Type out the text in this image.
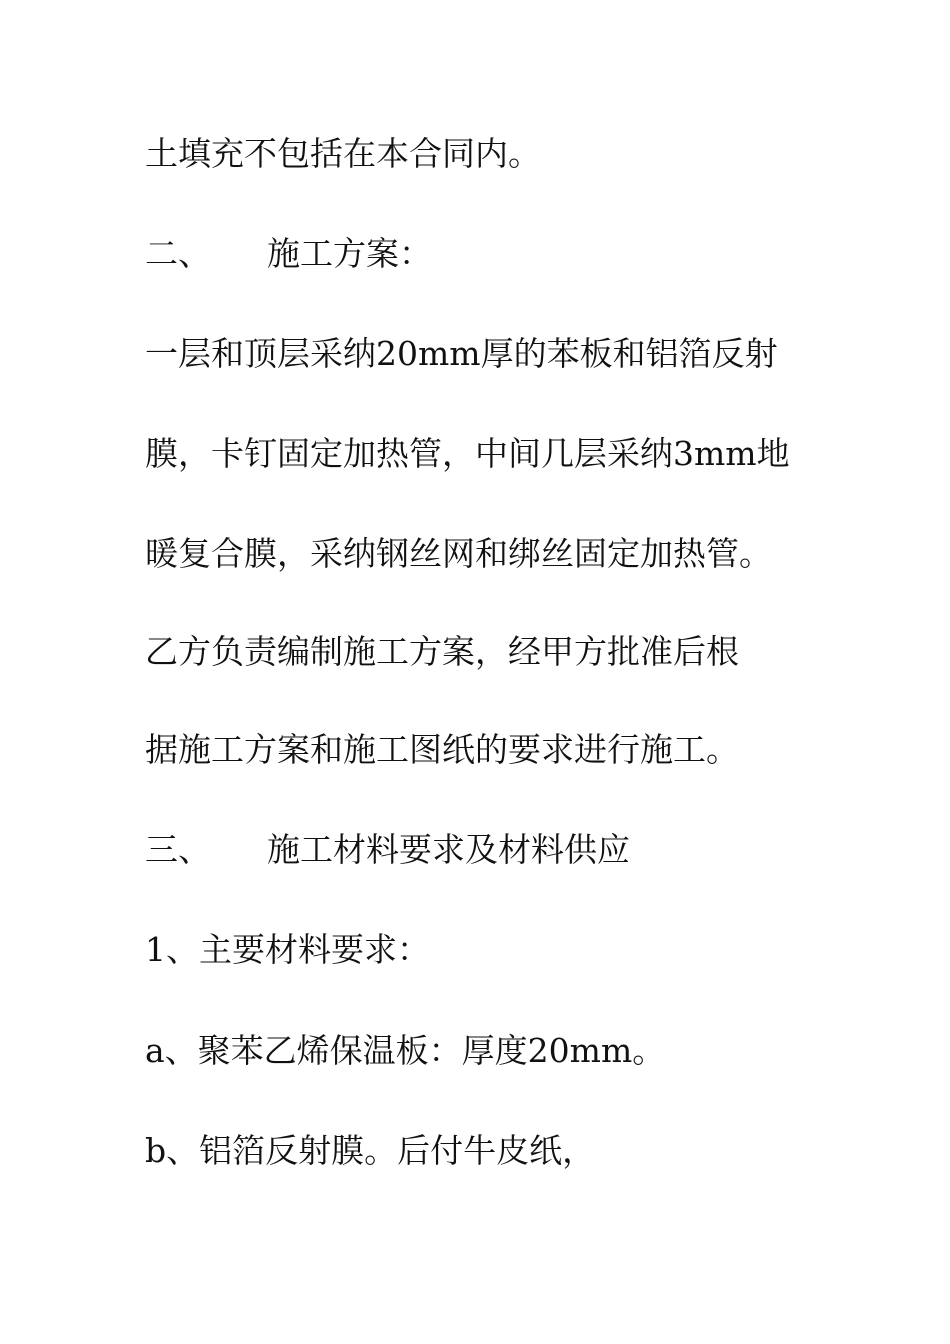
土填充不包括在本合同内。
二、 施工方案：
一层和顶层采纳20mm厚的苯板和铝箔反射
膜，卡钉固定加热管，中间几层采纳3mm地
暖复合膜，采纳钢丝网和绑丝固定加热管。
乙方负责编制施工方案，经甲方批准后根
据施工方案和施工图纸的要求进行施工。
三、 施工材料要求及材料供应
1、主要材料要求：
a、聚苯乙烯保温板：厚度20mm。
b、铝箔反射膜。后付牛皮纸，
